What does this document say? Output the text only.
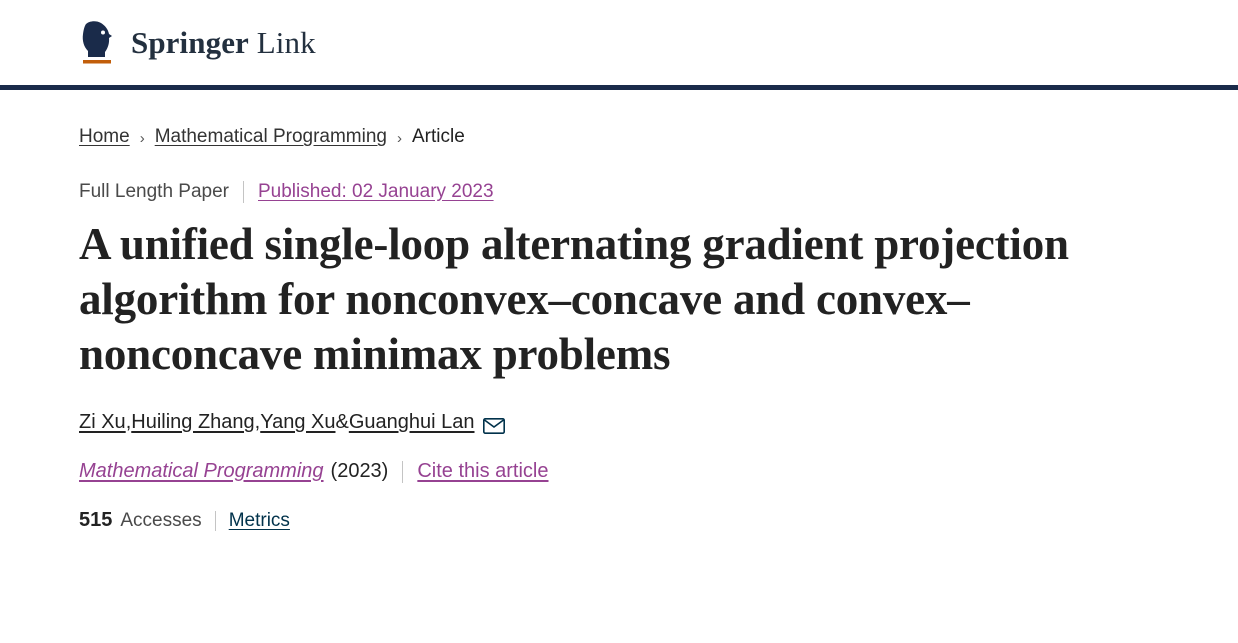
Springer Link
Home › Mathematical Programming › Article
Full Length Paper Published: 02 January 2023
A unified single-loop alternating gradient projection algorithm for nonconvex–concave and convex–nonconcave minimax problems
Zi Xu , Huiling Zhang , Yang Xu & Guanghui Lan
Mathematical Programming (2023) Cite this article
515 Accesses Metrics
